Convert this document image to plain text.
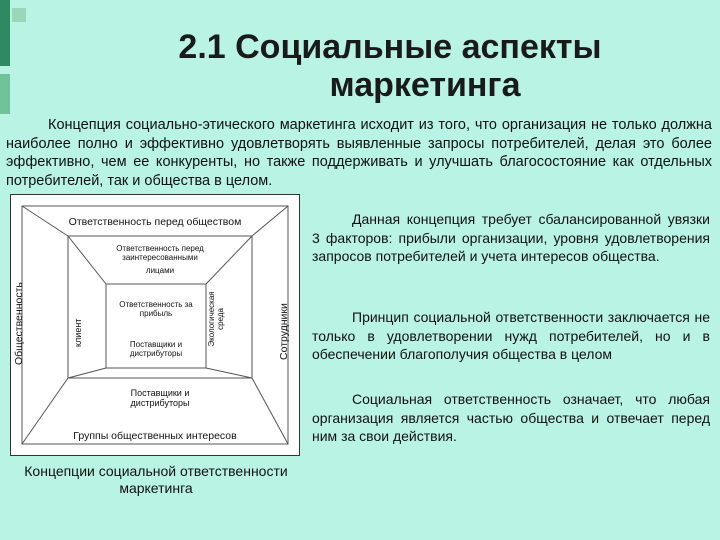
2.1 Социальные аспекты
маркетинга
Концепция социально-этического маркетинга исходит из того, что организация не только должна наиболее полно и эффективно удовлетворять выявленные запросы потребителей, делая это более эффективно, чем ее конкуренты, но также поддерживать и улучшать благосостояние как отдельных потребителей, так и общества в целом.
Ответственность перед обществом
Общественность	Сотрудники
Группы общественных интересов
Ответственность перед заинтересованными
лицами
клиент	Экологическая среда
Поставщики и дистрибуторы
Ответственность за прибыль
Поставщики и дистрибуторы
Концепции социальной ответственности маркетинга
Данная концепция требует сбалансированной увязки 3 факторов: прибыли организации, уровня удовлетворения запросов потребителей и учета интересов общества.
Принцип социальной ответственности заключается не только в удовлетворении нужд потребителей, но и в обеспечении благополучия общества в целом
Социальная ответственность означает, что любая организация является частью общества и отвечает перед ним за свои действия.
